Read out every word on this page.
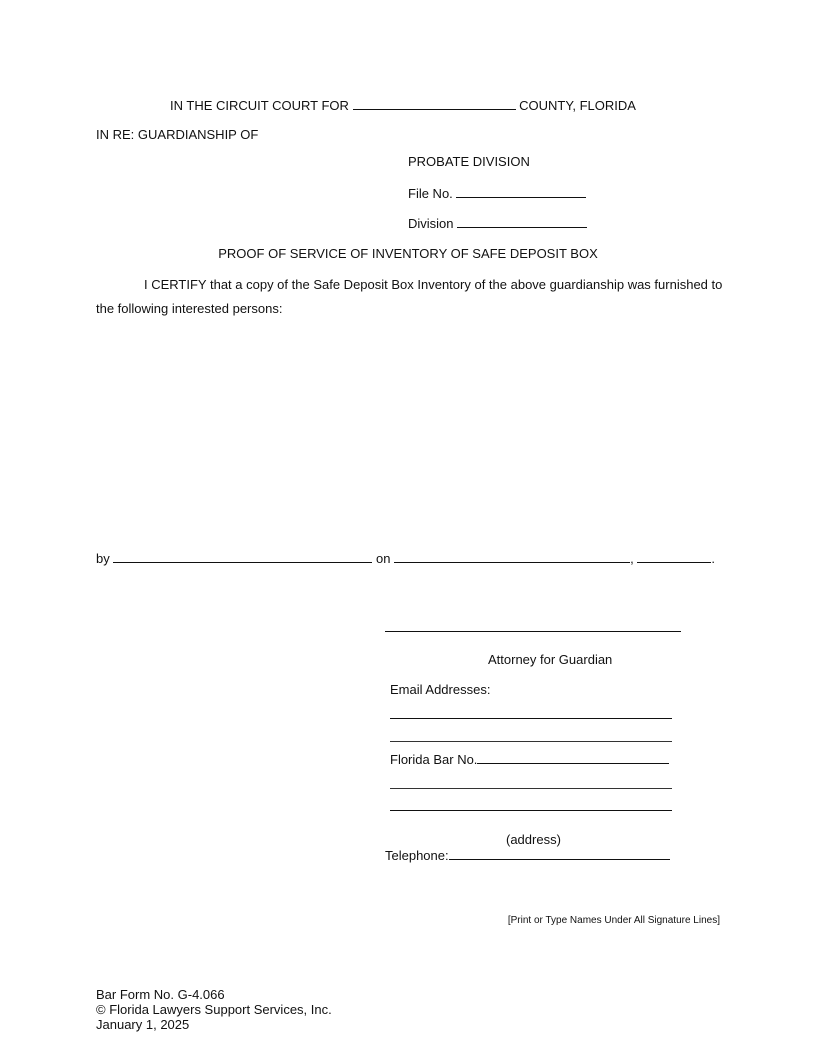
IN THE CIRCUIT COURT FOR	COUNTY, FLORIDA
IN RE: GUARDIANSHIP OF
PROBATE DIVISION
File No.
Division
PROOF OF SERVICE OF INVENTORY OF SAFE DEPOSIT BOX
I CERTIFY that a copy of the Safe Deposit Box Inventory of the above guardianship was furnished to
the following interested persons:
by	on	,	.
Attorney for Guardian
Email Addresses:
Florida Bar No.
(address)
Telephone:
[Print or Type Names Under All Signature Lines]
Bar Form No. G-4.066
© Florida Lawyers Support Services, Inc.
January 1, 2025
